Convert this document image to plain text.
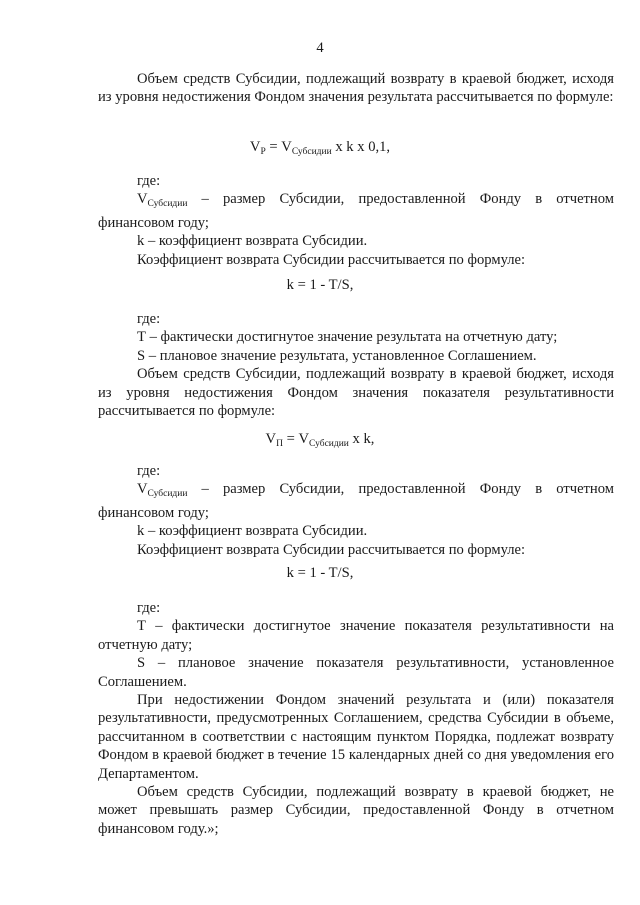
4

Объем средств Субсидии, подлежащий возврату в краевой бюджет, исходя из уровня недостижения Фондом значения результата рассчитывается по формуле:

$V_Р = V_{Субсидии}$ x k x 0,1,

где:

$V_{Субсидии}$ – размер Субсидии, предоставленной Фонду в отчетном финансовом году;

k – коэффициент возврата Субсидии.

Коэффициент возврата Субсидии рассчитывается по формуле:

k = 1 - T/S,

где:

Т – фактически достигнутое значение результата на отчетную дату;

S – плановое значение результата, установленное Соглашением.

Объем средств Субсидии, подлежащий возврату в краевой бюджет, исходя из уровня недостижения Фондом значения показателя результативности рассчитывается по формуле:

$V_П = V_{Субсидии}$ x k,

где:

$V_{Субсидии}$ – размер Субсидии, предоставленной Фонду в отчетном финансовом году;

k – коэффициент возврата Субсидии.

Коэффициент возврата Субсидии рассчитывается по формуле:

k = 1 - T/S,

где:

Т – фактически достигнутое значение показателя результативности на отчетную дату;

S – плановое значение показателя результативности, установленное Соглашением.

При недостижении Фондом значений результата и (или) показателя результативности, предусмотренных Соглашением, средства Субсидии в объеме, рассчитанном в соответствии с настоящим пунктом Порядка, подлежат возврату Фондом в краевой бюджет в течение 15 календарных дней со дня уведомления его Департаментом.

Объем средств Субсидии, подлежащий возврату в краевой бюджет, не может превышать размер Субсидии, предоставленной Фонду в отчетном финансовом году.»;
